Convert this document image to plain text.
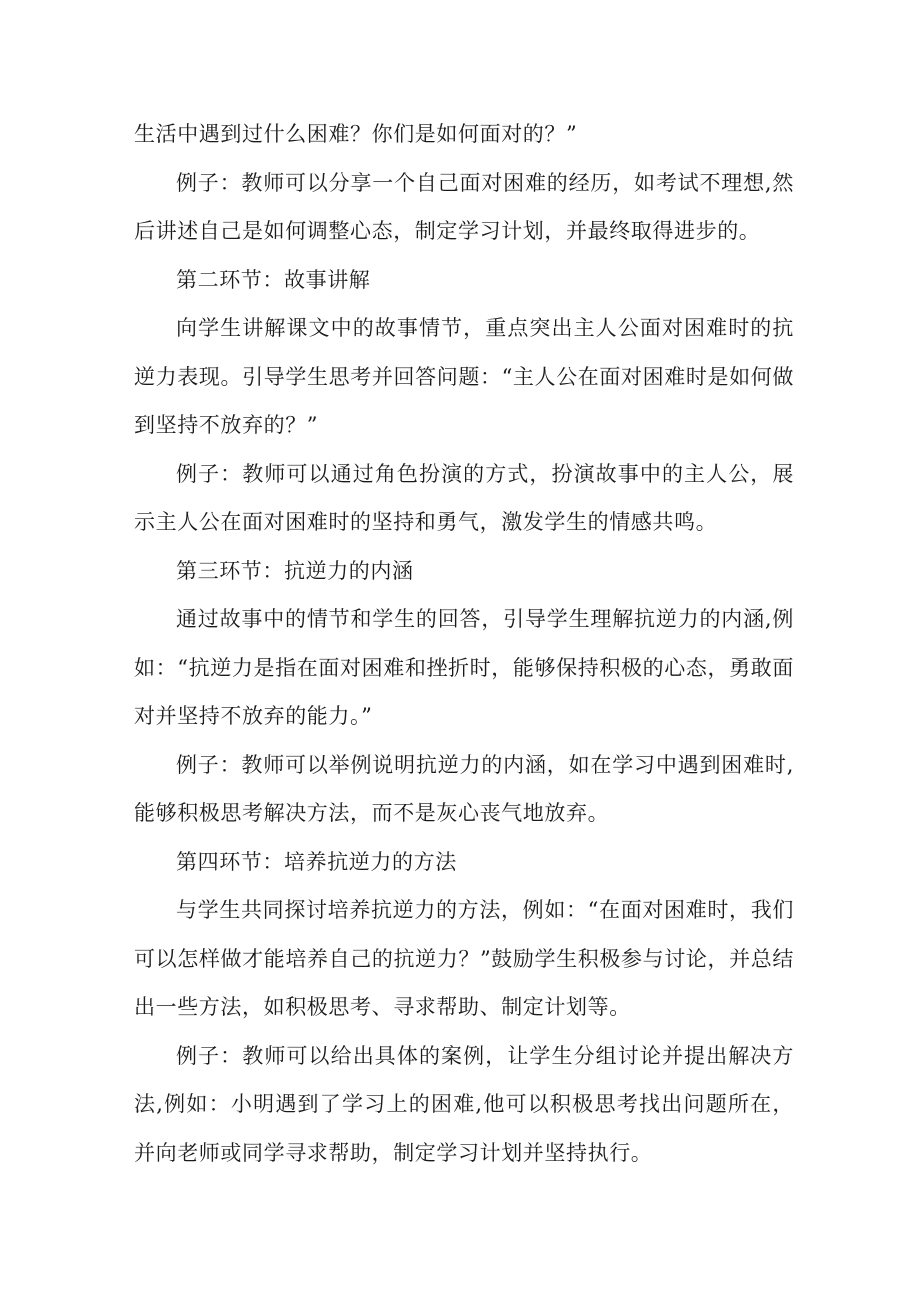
生活中遇到过什么困难？你们是如何面对的？”

例子：教师可以分享一个自己面对困难的经历，如考试不理想,然后讲述自己是如何调整心态，制定学习计划，并最终取得进步的。

第二环节：故事讲解

向学生讲解课文中的故事情节，重点突出主人公面对困难时的抗逆力表现。引导学生思考并回答问题：“主人公在面对困难时是如何做到坚持不放弃的？”

例子：教师可以通过角色扮演的方式，扮演故事中的主人公，展示主人公在面对困难时的坚持和勇气，激发学生的情感共鸣。

第三环节：抗逆力的内涵

通过故事中的情节和学生的回答，引导学生理解抗逆力的内涵,例如：“抗逆力是指在面对困难和挫折时，能够保持积极的心态，勇敢面对并坚持不放弃的能力。”

例子：教师可以举例说明抗逆力的内涵，如在学习中遇到困难时,能够积极思考解决方法，而不是灰心丧气地放弃。

第四环节：培养抗逆力的方法

与学生共同探讨培养抗逆力的方法，例如：“在面对困难时，我们可以怎样做才能培养自己的抗逆力？”鼓励学生积极参与讨论，并总结出一些方法，如积极思考、寻求帮助、制定计划等。

例子：教师可以给出具体的案例，让学生分组讨论并提出解决方法,例如：小明遇到了学习上的困难,他可以积极思考找出问题所在，并向老师或同学寻求帮助，制定学习计划并坚持执行。
